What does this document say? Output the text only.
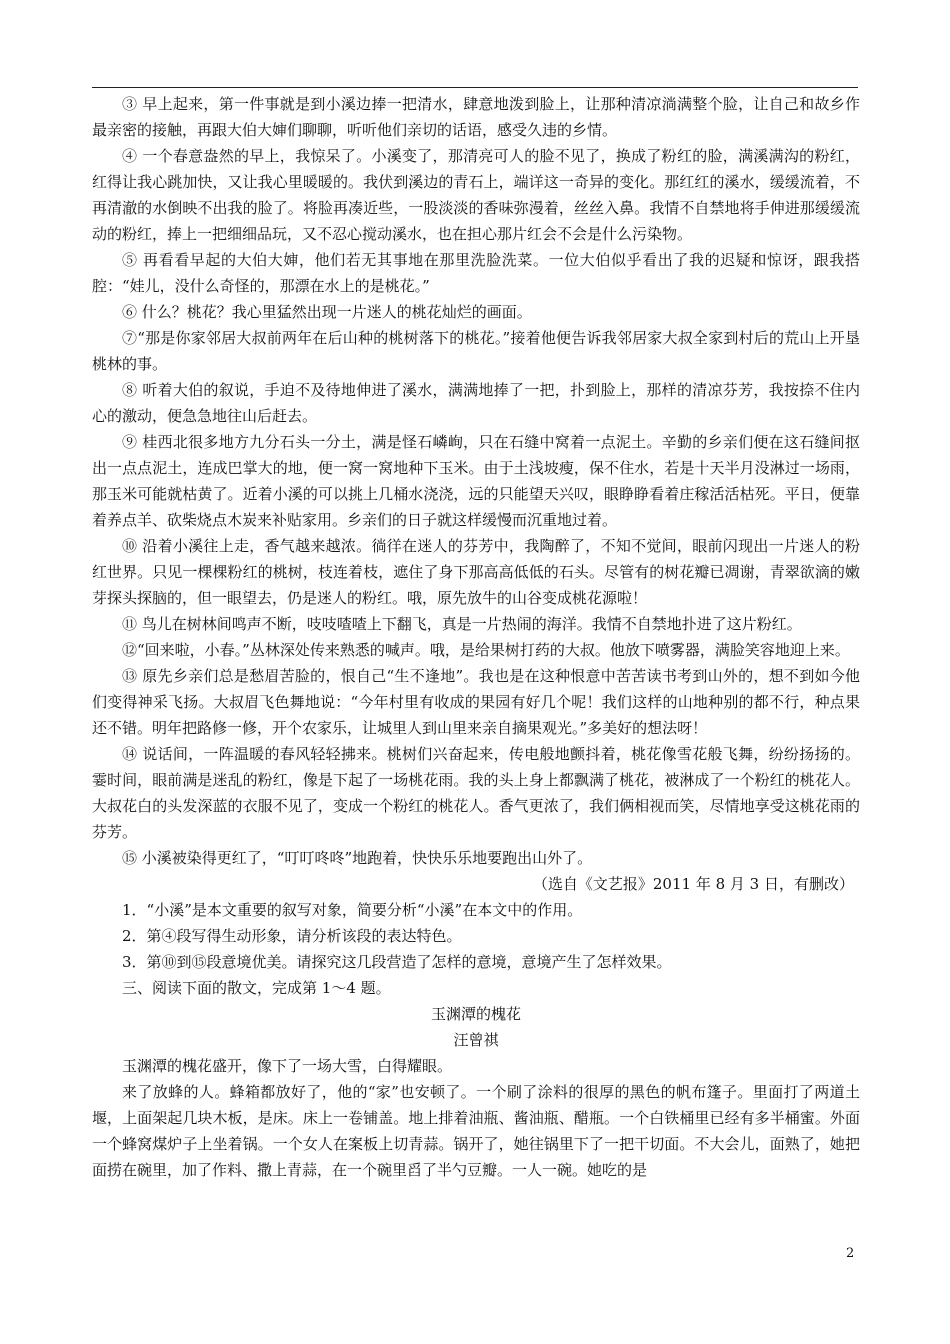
③ 早上起来，第一件事就是到小溪边捧一把清水，肆意地泼到脸上，让那种清凉淌满整个脸，让自己和故乡作最亲密的接触，再跟大伯大婶们聊聊，听听他们亲切的话语，感受久违的乡情。

④ 一个春意盎然的早上，我惊呆了。小溪变了，那清亮可人的脸不见了，换成了粉红的脸，满溪满沟的粉红，红得让我心跳加快，又让我心里暖暖的。我伏到溪边的青石上，端详这一奇异的变化。那红红的溪水，缓缓流着，不再清澈的水倒映不出我的脸了。将脸再凑近些，一股淡淡的香味弥漫着，丝丝入鼻。我情不自禁地将手伸进那缓缓流动的粉红，捧上一把细细品玩，又不忍心搅动溪水，也在担心那片红会不会是什么污染物。

⑤ 再看看早起的大伯大婶，他们若无其事地在那里洗脸洗菜。一位大伯似乎看出了我的迟疑和惊讶，跟我搭腔：“娃儿，没什么奇怪的，那漂在水上的是桃花。”

⑥ 什么？桃花？我心里猛然出现一片迷人的桃花灿烂的画面。

⑦“那是你家邻居大叔前两年在后山种的桃树落下的桃花。”接着他便告诉我邻居家大叔全家到村后的荒山上开垦桃林的事。

⑧ 听着大伯的叙说，手迫不及待地伸进了溪水，满满地捧了一把，扑到脸上，那样的清凉芬芳，我按捺不住内心的激动，便急急地往山后赶去。

⑨ 桂西北很多地方九分石头一分土，满是怪石嶙峋，只在石缝中窝着一点泥土。辛勤的乡亲们便在这石缝间抠出一点点泥土，连成巴掌大的地，便一窝一窝地种下玉米。由于土浅坡瘦，保不住水，若是十天半月没淋过一场雨，那玉米可能就枯黄了。近着小溪的可以挑上几桶水浇浇，远的只能望天兴叹，眼睁睁看着庄稼活活枯死。平日，便靠着养点羊、砍柴烧点木炭来补贴家用。乡亲们的日子就这样缓慢而沉重地过着。

⑩ 沿着小溪往上走，香气越来越浓。徜徉在迷人的芬芳中，我陶醉了，不知不觉间，眼前闪现出一片迷人的粉红世界。只见一棵棵粉红的桃树，枝连着枝，遮住了身下那高高低低的石头。尽管有的树花瓣已凋谢，青翠欲滴的嫩芽探头探脑的，但一眼望去，仍是迷人的粉红。哦，原先放牛的山谷变成桃花源啦！

⑪ 鸟儿在树林间鸣声不断，吱吱喳喳上下翻飞，真是一片热闹的海洋。我情不自禁地扑进了这片粉红。

⑫“回来啦，小春。”丛林深处传来熟悉的喊声。哦，是给果树打药的大叔。他放下喷雾器，满脸笑容地迎上来。

⑬ 原先乡亲们总是愁眉苦脸的，恨自己“生不逢地”。我也是在这种恨意中苦苦读书考到山外的，想不到如今他们变得神采飞扬。大叔眉飞色舞地说：“今年村里有收成的果园有好几个呢！我们这样的山地种别的都不行，种点果还不错。明年把路修一修，开个农家乐，让城里人到山里来亲自摘果观光。”多美好的想法呀！

⑭ 说话间，一阵温暖的春风轻轻拂来。桃树们兴奋起来，传电般地颤抖着，桃花像雪花般飞舞，纷纷扬扬的。霎时间，眼前满是迷乱的粉红，像是下起了一场桃花雨。我的头上身上都飘满了桃花，被淋成了一个粉红的桃花人。大叔花白的头发深蓝的衣服不见了，变成一个粉红的桃花人。香气更浓了，我们俩相视而笑，尽情地享受这桃花雨的芬芳。

⑮ 小溪被染得更红了，“叮叮咚咚”地跑着，快快乐乐地要跑出山外了。

（选自《文艺报》2011 年 8 月 3 日，有删改）

1．“小溪”是本文重要的叙写对象，简要分析“小溪”在本文中的作用。

2．第④段写得生动形象，请分析该段的表达特色。

3．第⑩到⑮段意境优美。请探究这几段营造了怎样的意境，意境产生了怎样效果。

三、阅读下面的散文，完成第 1～4 题。

玉渊潭的槐花

汪曾祺

玉渊潭的槐花盛开，像下了一场大雪，白得耀眼。

来了放蜂的人。蜂箱都放好了，他的“家”也安顿了。一个刷了涂料的很厚的黑色的帆布篷子。里面打了两道土堰，上面架起几块木板，是床。床上一卷铺盖。地上排着油瓶、酱油瓶、醋瓶。一个白铁桶里已经有多半桶蜜。外面一个蜂窝煤炉子上坐着锅。一个女人在案板上切青蒜。锅开了，她往锅里下了一把干切面。不大会儿，面熟了，她把面捞在碗里，加了作料、撒上青蒜，在一个碗里舀了半勺豆瓣。一人一碗。她吃的是

2
